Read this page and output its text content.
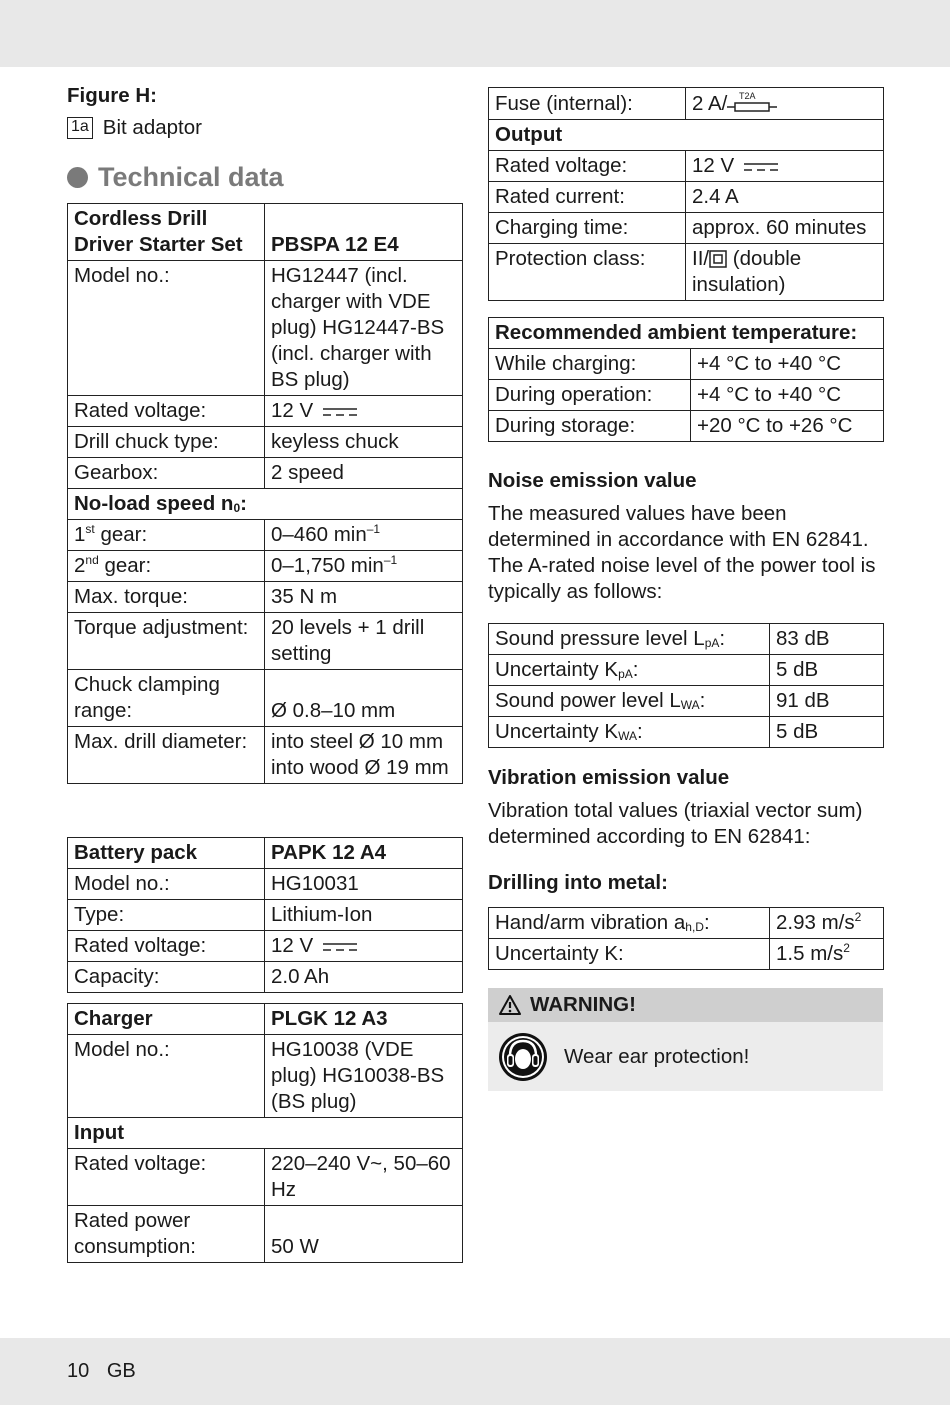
Figure H:
1a Bit adaptor
Technical data
Cordless Drill Driver Starter Set	PBSPA 12 E4
Model no.:	HG12447 (incl. charger with VDE plug) HG12447-BS (incl. charger with BS plug)
Rated voltage:	12 V
Drill chuck type:	keyless chuck
Gearbox:	2 speed
No-load speed $n_0$:	
1st gear:	0–460 $\min^{-1}$
2nd gear:	0–1,750 $\min^{-1}$
Max. torque:	35 N m
Torque adjustment:	20 levels + 1 drill setting
Chuck clamping range:	Ø 0.8–10 mm
Max. drill diameter:	into steel Ø 10 mm into wood Ø 19 mm
Battery pack	PAPK 12 A4
Model no.:	HG10031
Type:	Lithium-Ion
Rated voltage:	12 V
Capacity:	2.0 Ah
Charger	PLGK 12 A3
Model no.:	HG10038 (VDE plug) HG10038-BS (BS plug)
Input	
Rated voltage:	220–240 V~, 50–60 Hz
Rated power consumption:	50 W
Fuse (internal):	2 A/ T2A

Output	
Rated voltage:	12 V
Rated current:	2.4 A
Charging time:	approx. 60 minutes
Protection class:	II/ (double insulation)
Recommended ambient temperature:	
While charging:	+4 °C to +40 °C
During operation:	+4 °C to +40 °C
During storage:	+20 °C to +26 °C
Noise emission value
The measured values have been determined in accordance with EN 62841. The A-rated noise level of the power tool is typically as follows:
Sound pressure level $L_{pA}$:	83 dB
Uncertainty $K_{pA}$:	5 dB
Sound power level $L_{WA}$:	91 dB
Uncertainty $K_{WA}$:	5 dB
Vibration emission value
Vibration total values (triaxial vector sum) determined according to EN 62841:
Drilling into metal:
Hand/arm vibration $a_{h,D}$:	2.93 $m/s^2$
Uncertainty K:	1.5 $m/s^2$
WARNING!
Wear ear protection!
10 GB
